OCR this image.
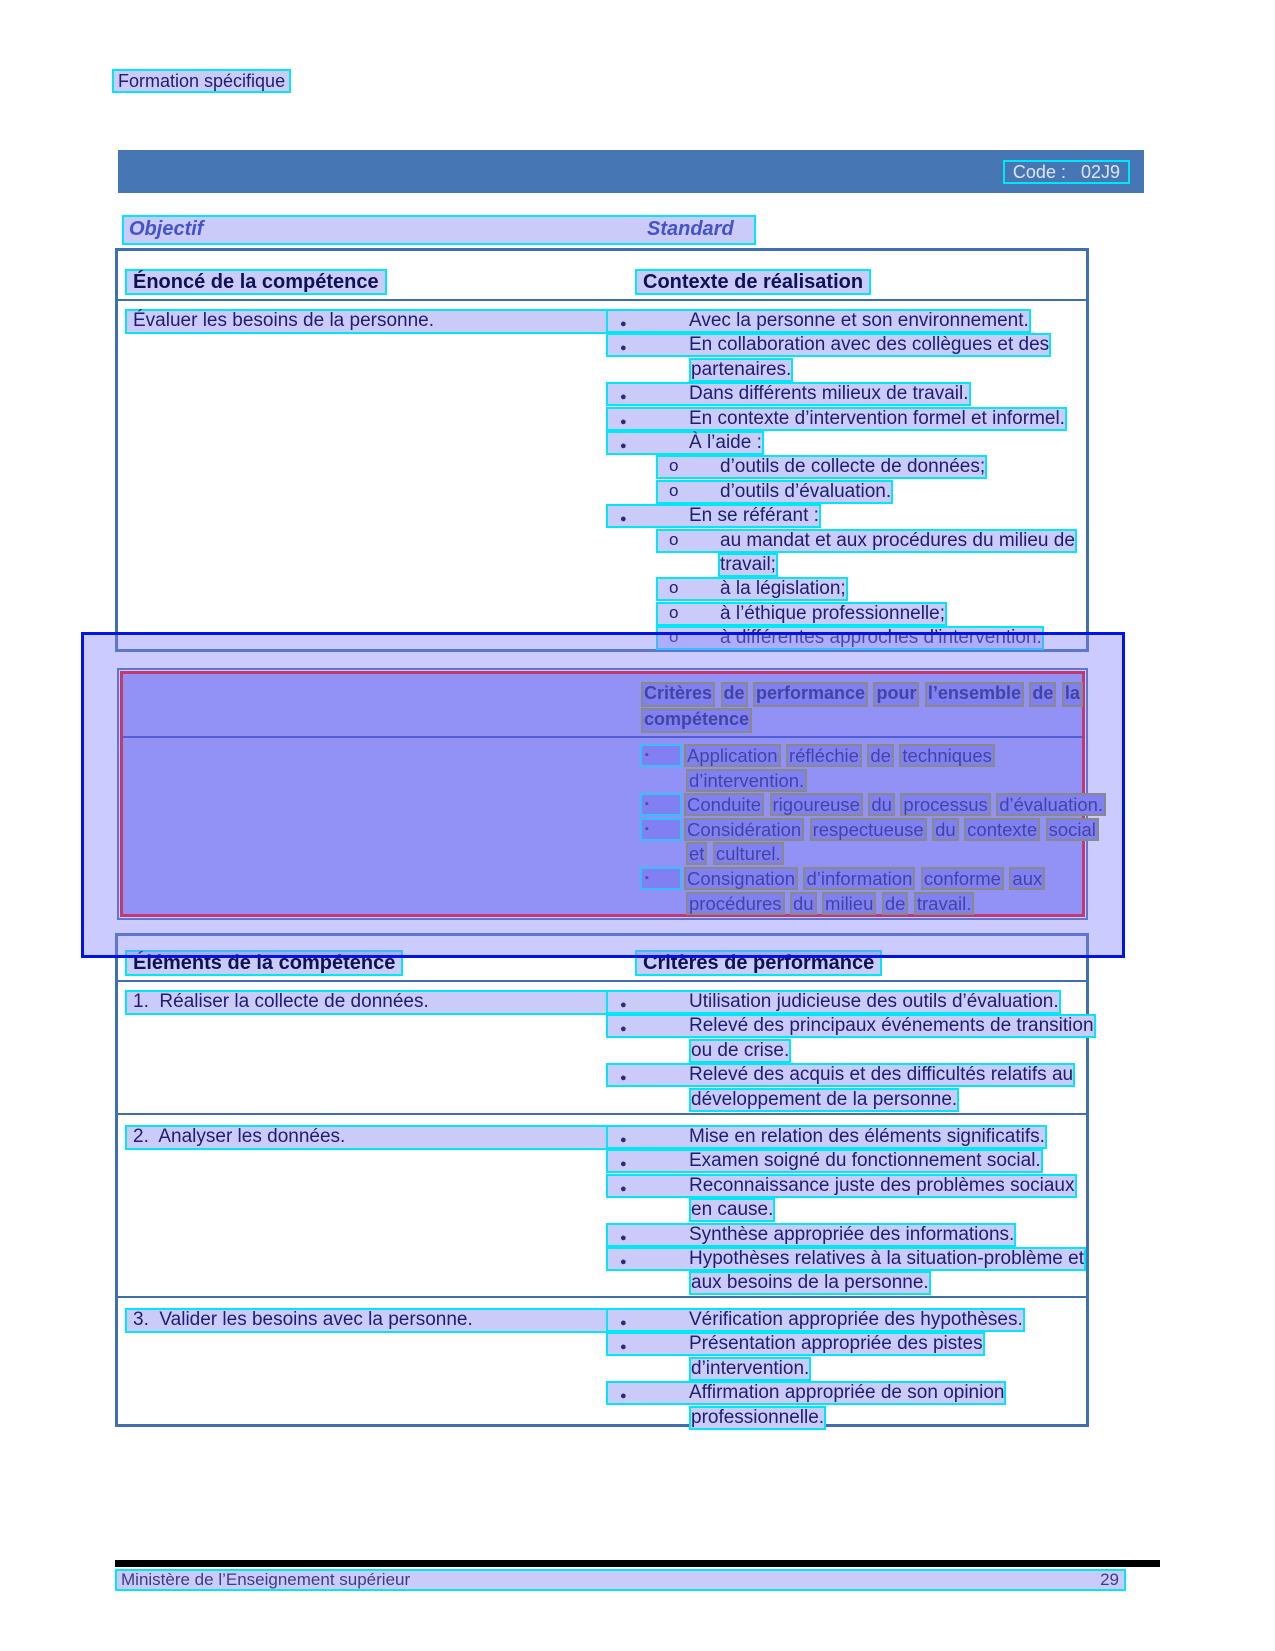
Formation spécifique
Code :   02J9
Objectif	Standard
Énoncé de la compétence	Contexte de réalisation
Évaluer les besoins de la personne.	●	Avec la personne et son environnement.
●	En collaboration avec des collègues et des
partenaires.
●	Dans différents milieux de travail.
●	En contexte d’intervention formel et informel.
●	À l’aide :
o d’outils de collecte de données;
o d’outils d’évaluation.
●	En se référant :
o au mandat et aux procédures du milieu de
travail;
o à la législation;
o à l’éthique professionnelle;
o à différentes approches d’intervention.
Critères de performance pour l’ensemble de la
compétence
▪ Application réfléchie de techniques
d’intervention.
▪ Conduite rigoureuse du processus d’évaluation.
▪ Considération respectueuse du contexte social
et culturel.
▪ Consignation d’information conforme aux
procédures du milieu de travail.
Éléments de la compétence	Critères de performance
1.  Réaliser la collecte de données.	●	Utilisation judicieuse des outils d’évaluation.
●	Relevé des principaux événements de transition
ou de crise.
●	Relevé des acquis et des difficultés relatifs au
développement de la personne.
2.  Analyser les données.	●	Mise en relation des éléments significatifs.
●	Examen soigné du fonctionnement social.
●	Reconnaissance juste des problèmes sociaux
en cause.
●	Synthèse appropriée des informations.
●	Hypothèses relatives à la situation-problème et
aux besoins de la personne.
3.  Valider les besoins avec la personne.	●	Vérification appropriée des hypothèses.
●	Présentation appropriée des pistes
d’intervention.
●	Affirmation appropriée de son opinion
professionnelle.
Ministère de l’Enseignement supérieur	29
